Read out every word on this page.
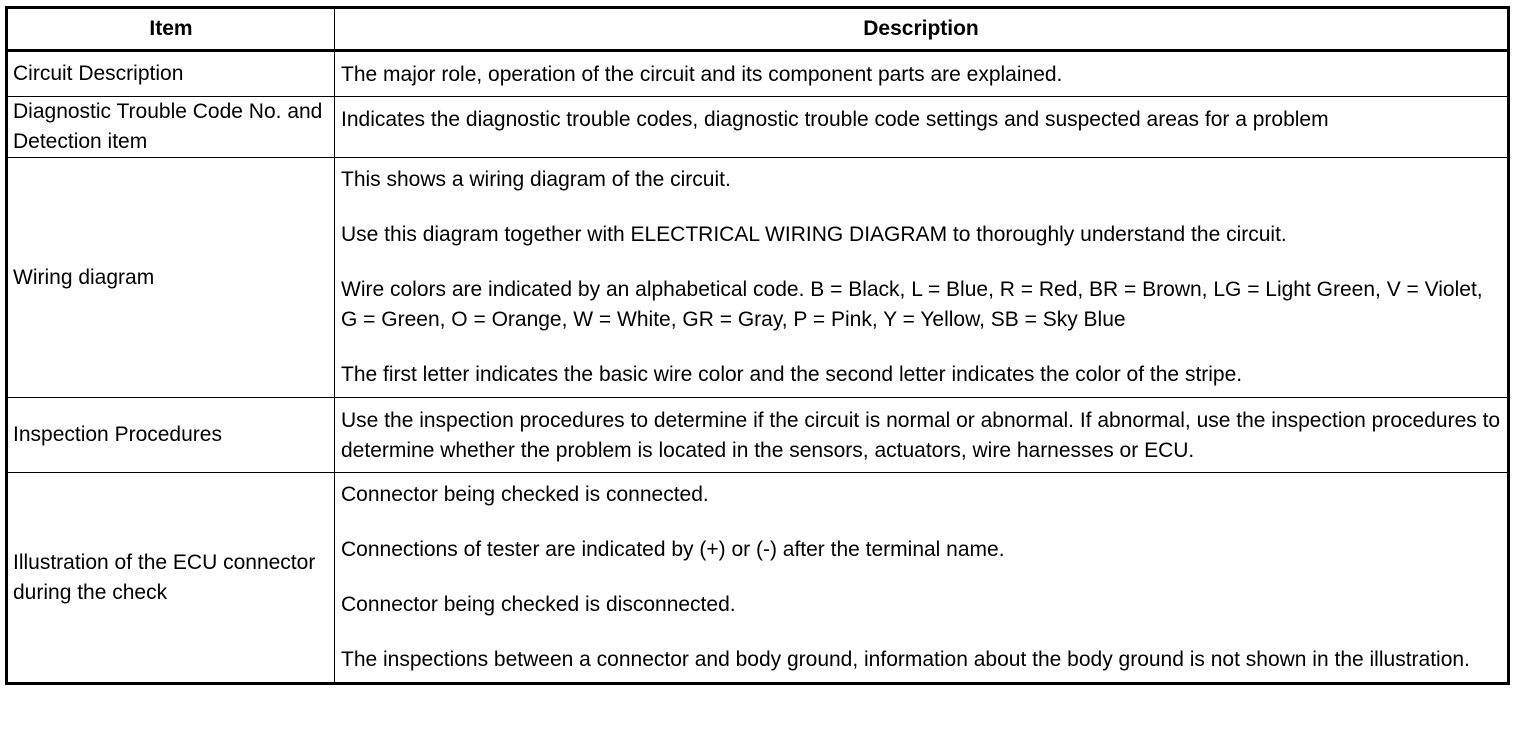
Item	Description
Circuit Description	The major role, operation of the circuit and its component parts are explained.

Diagnostic Trouble Code No. and Detection item	Indicates the diagnostic trouble codes, diagnostic trouble code settings and suspected areas for a problem

Wiring diagram	This shows a wiring diagram of the circuit.

Use this diagram together with ELECTRICAL WIRING DIAGRAM to thoroughly understand the circuit.

Wire colors are indicated by an alphabetical code. B = Black, L = Blue, R = Red, BR = Brown, LG = Light Green, V = Violet, G = Green, O = Orange, W = White, GR = Gray, P = Pink, Y = Yellow, SB = Sky Blue

The first letter indicates the basic wire color and the second letter indicates the color of the stripe.

Inspection Procedures	Use the inspection procedures to determine if the circuit is normal or abnormal. If abnormal, use the inspection procedures to determine whether the problem is located in the sensors, actuators, wire harnesses or ECU.

Illustration of the ECU connector during the check	Connector being checked is connected.

Connections of tester are indicated by (+) or (-) after the terminal name.

Connector being checked is disconnected.

The inspections between a connector and body ground, information about the body ground is not shown in the illustration.
